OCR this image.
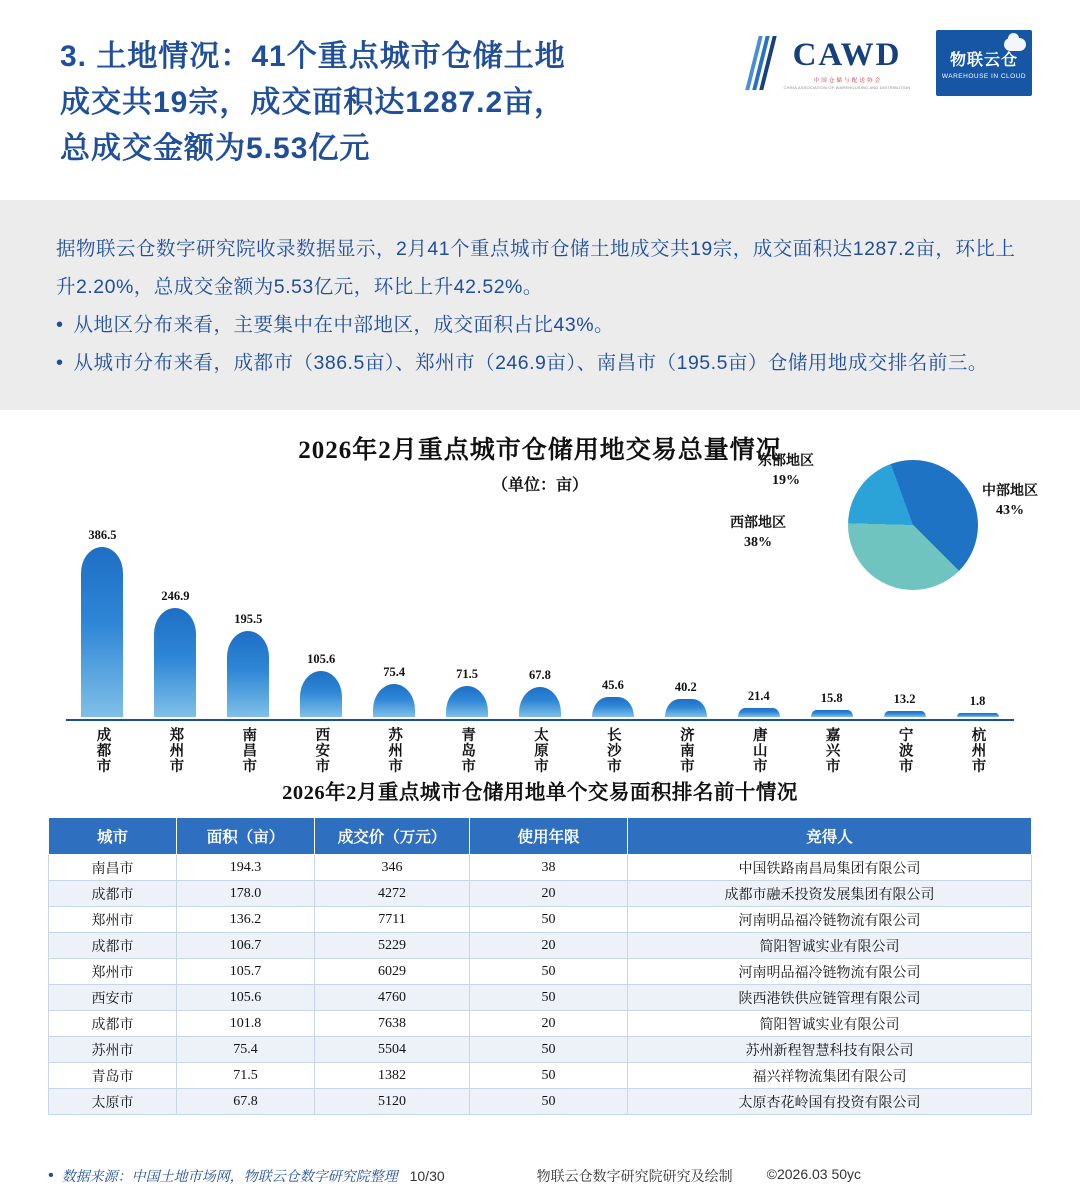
3. 土地情况：41个重点城市仓储土地
成交共19宗，成交面积达1287.2亩，
总成交金额为5.53亿元
CAWD
中 国 仓 储 与 配 送 协 会
CHINA ASSOCIATION OF WAREHOUSING AND DISTRIBUTION
物联云仓
WAREHOUSE IN CLOUD

据物联云仓数字研究院收录数据显示，2月41个重点城市仓储土地成交共19宗，成交面积达1287.2亩，环比上升2.20%，总成交金额为5.53亿元，环比上升42.52%。

• 从地区分布来看，主要集中在中部地区，成交面积占比43%。
• 从城市分布来看，成都市（386.5亩）、郑州市（246.9亩）、南昌市（195.5亩）仓储用地成交排名前三。
2026年2月重点城市仓储用地交易总量情况
（单位：亩）
东部地区
19%
西部地区
38%
中部地区
43%
386.5
246.9
195.5
105.6
75.4	71.5	67.8
45.6	40.2
21.4	15.8	13.2	1.8
成都市	郑州市	南昌市	西安市	苏州市	青岛市	太原市	长沙市	济南市	唐山市	嘉兴市	宁波市	杭州市
2026年2月重点城市仓储用地单个交易面积排名前十情况
城市	面积（亩）	成交价（万元）	使用年限	竞得人
南昌市	194.3	346	38	中国铁路南昌局集团有限公司
成都市	178.0	4272	20	成都市融禾投资发展集团有限公司
郑州市	136.2	7711	50	河南明品福冷链物流有限公司
成都市	106.7	5229	20	简阳智诚实业有限公司
郑州市	105.7	6029	50	河南明品福冷链物流有限公司
西安市	105.6	4760	50	陕西港铁供应链管理有限公司
成都市	101.8	7638	20	简阳智诚实业有限公司
苏州市	75.4	5504	50	苏州新程智慧科技有限公司
青岛市	71.5	1382	50	福兴祥物流集团有限公司
太原市	67.8	5120	50	太原杏花岭国有投资有限公司
• 数据来源：中国土地市场网，物联云仓数字研究院整理 10/30	物联云仓数字研究院研究及绘制 ©2026.03 50yc
